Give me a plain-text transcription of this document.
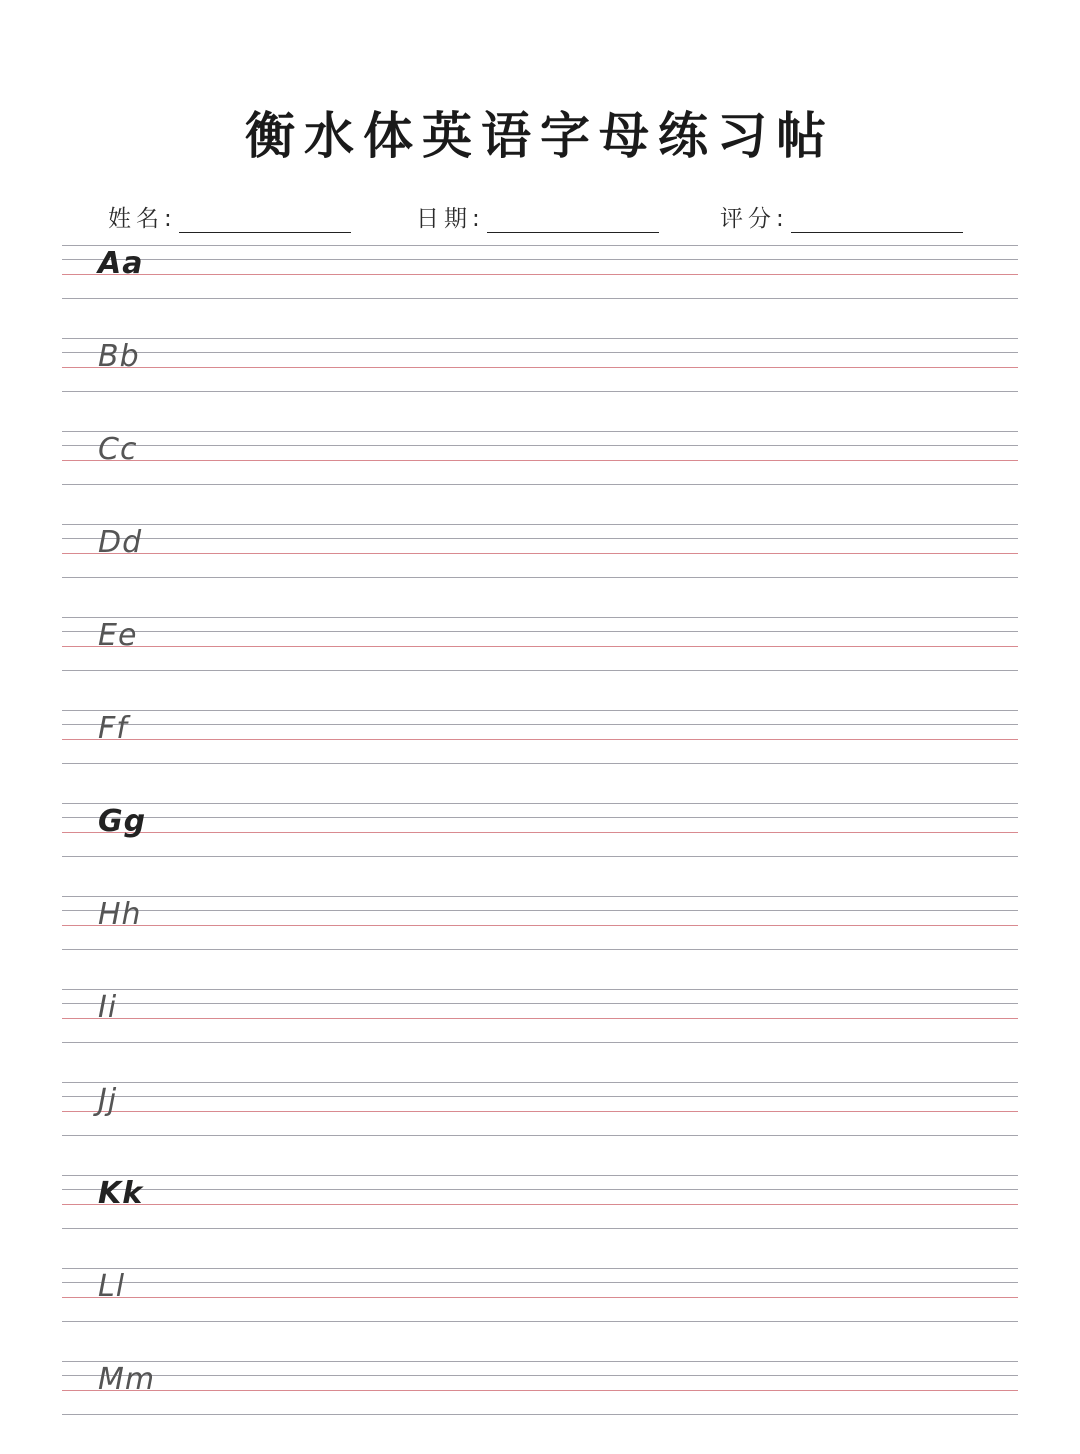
衡水体英语字母练习帖
姓名:	日期:	评分:
Aa
Bb
Cc
Dd
Ee
Ff
Gg
Hh
Ii
Jj
Kk
Ll
Mm
